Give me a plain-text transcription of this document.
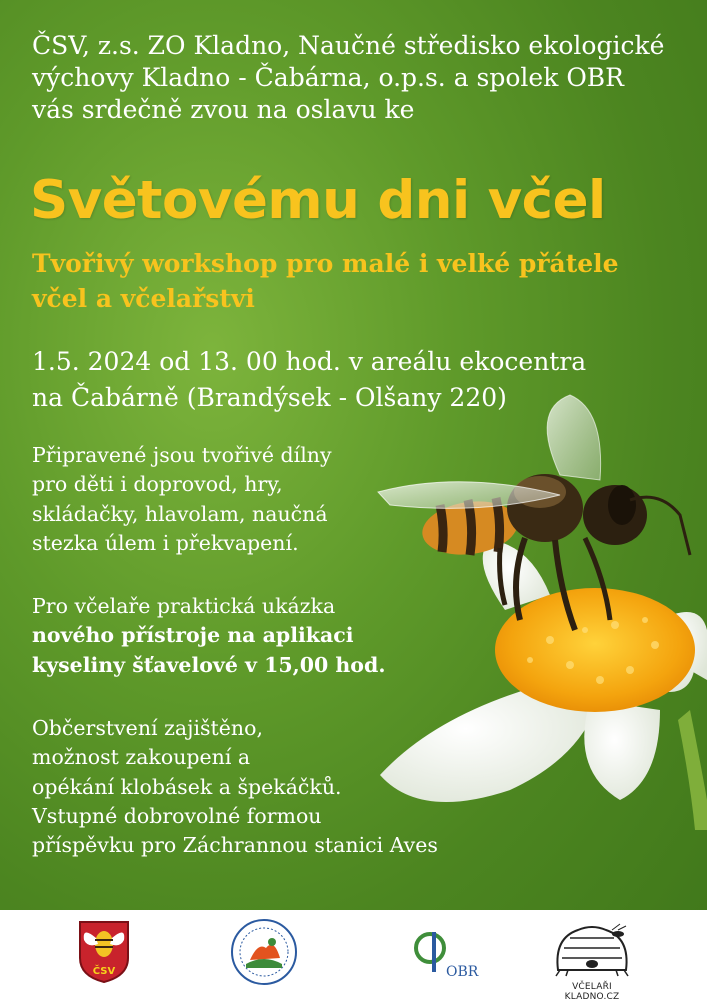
ČSV, z.s. ZO Kladno, Naučné středisko ekologické
výchovy Kladno - Čabárna, o.p.s. a spolek OBR
vás srdečně zvou na oslavu ke
Světovému dni včel
Tvořivý workshop pro malé i velké přátele
včel a včelařstvi
1.5. 2024 od 13. 00 hod. v areálu ekocentra
na Čabárně (Brandýsek - Olšany 220)
Připravené jsou tvořivé dílny
pro děti i doprovod, hry,
skládačky, hlavolam, naučná
stezka úlem i překvapení.
Pro včelaře praktická ukázka
nového přístroje na aplikaci
kyseliny šťavelové v 15,00 hod.
Občerstvení zajištěno,
možnost zakoupení a
opékání klobásek a špekáčků.
Vstupné dobrovolné formou
příspěvku pro Záchrannou stanici Aves
ČSV	OBR
VČELAŘI KLADNO.CZ
